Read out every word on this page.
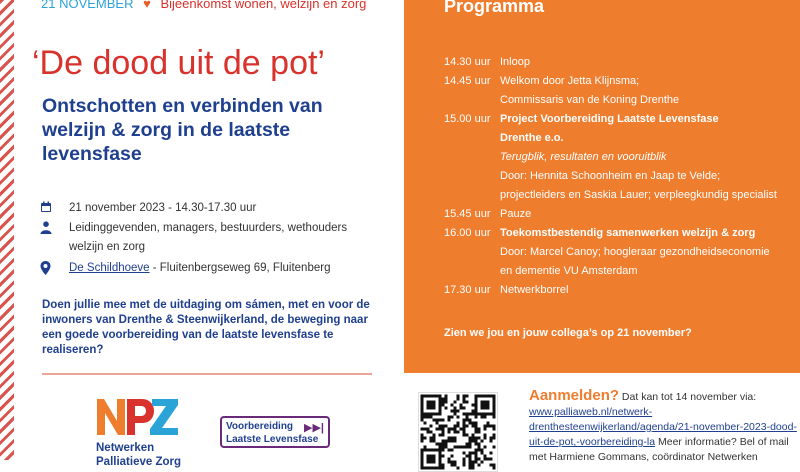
21 NOVEMBER ♥ Bijeenkomst wonen, welzijn en zorg
‘De dood uit de pot’
Ontschotten en verbinden van welzijn & zorg in de laatste levensfase
21 november 2023 - 14.30-17.30 uur
Leidinggevenden, managers, bestuurders, wethouders
welzijn en zorg
De Schildhoeve - Fluitenbergseweg 69, Fluitenberg
Doen jullie mee met de uitdaging om sámen, met en voor de inwoners van Drenthe & Steenwijkerland, de beweging naar een goede voorbereiding van de laatste levensfase te realiseren?
Netwerken
Palliatieve Zorg
Voorbereiding
Laatste Levensfase
▶▶|
Programma
14.30 uur Inloop
14.45 uur Welkom door Jetta Klijnsma;
Commissaris van de Koning Drenthe
15.00 uur Project Voorbereiding Laatste Levensfase
Drenthe e.o.
Terugblik, resultaten en vooruitblik
Door: Hennita Schoonheim en Jaap te Velde;
projectleiders en Saskia Lauer; verpleegkundig specialist
15.45 uur Pauze
16.00 uur Toekomstbestendig samenwerken welzijn & zorg
Door: Marcel Canoy; hoogleraar gezondheidseconomie
en dementie VU Amsterdam
17.30 uur Netwerkborrel
Zien we jou en jouw collega’s op 21 november?
Aanmelden? Dat kan tot 14 november via:
www.palliaweb.nl/netwerk-drenthesteenwijkerland/agenda/21-november-2023-dood-uit-de-pot,-voorbereiding-la Meer informatie? Bel of mail met Harmiene Gommans, coördinator Netwerken
